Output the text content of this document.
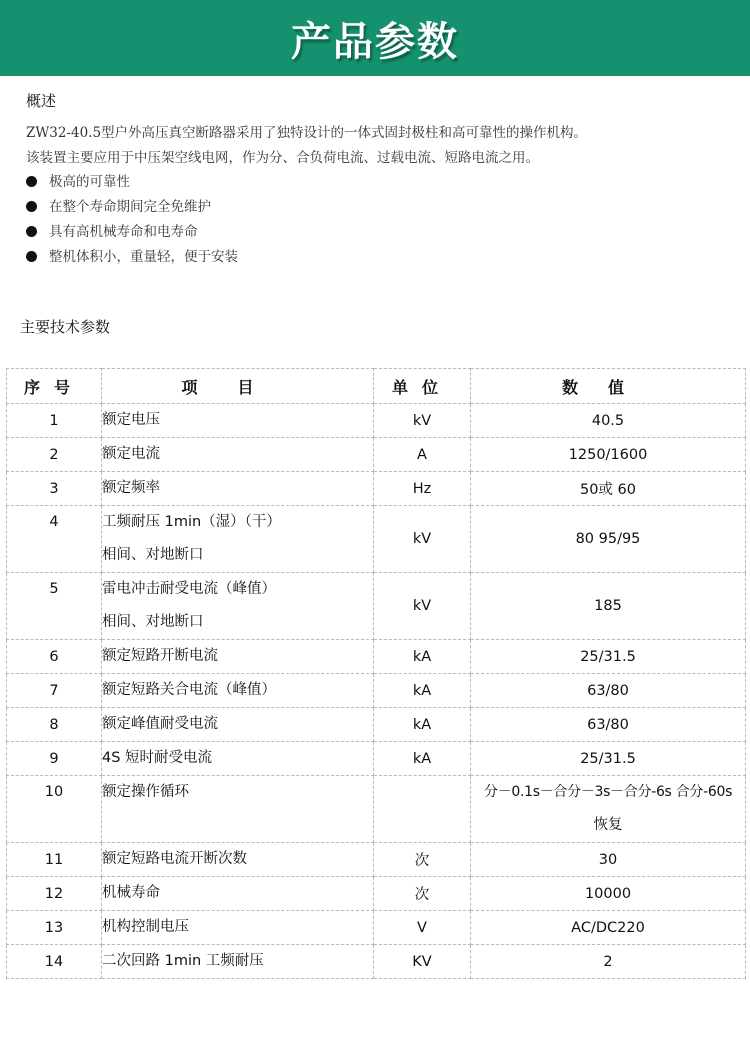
产品参数
概述
ZW32-40.5型户外高压真空断路器采用了独特设计的一体式固封极柱和高可靠性的操作机构。
该装置主要应用于中压架空线电网，作为分、合负荷电流、过载电流、短路电流之用。
极高的可靠性
在整个寿命期间完全免维护
具有高机械寿命和电寿命
整机体积小，重量轻，便于安装
主要技术参数
序号	项目	单位	数值
1	额定电压	kV	40.5
2	额定电流	A	1250/1600
3	额定频率	Hz	50或 60
4	工频耐压 1min（湿）（干）
相间、对地断口	kV	80 95/95
5	雷电冲击耐受电流（峰值）
相间、对地断口	kV	185
6	额定短路开断电流	kA	25/31.5
7	额定短路关合电流（峰值）	kA	63/80
8	额定峰值耐受电流	kA	63/80
9	4S 短时耐受电流	kA	25/31.5
10	额定操作循环		分－0.1s－合分－3s－合分-6s 合分-60s
恢复

11	额定短路电流开断次数	次	30
12	机械寿命	次	10000
13	机构控制电压	V	AC/DC220
14	二次回路 1min 工频耐压	KV	2
